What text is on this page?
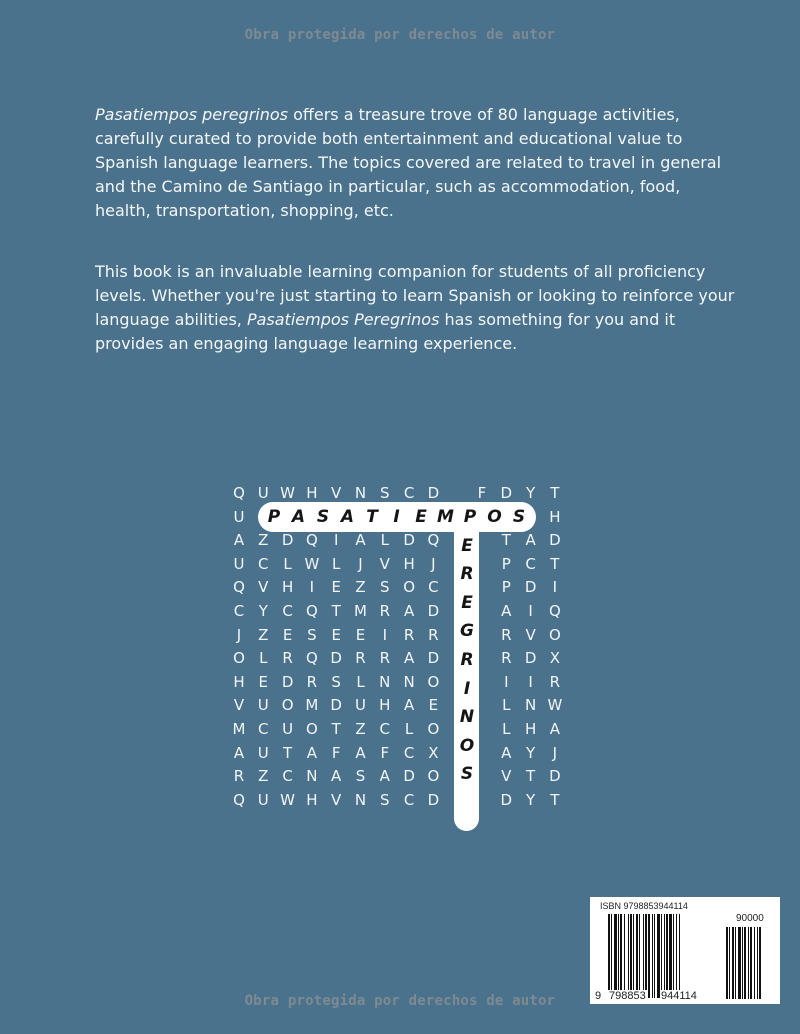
Obra protegida por derechos de autor
Pasatiempos peregrinos offers a treasure trove of 80 language activities, carefully curated to provide both entertainment and educational value to Spanish language learners. The topics covered are related to travel in general and the Camino de Santiago in particular, such as accommodation, food, health, transportation, shopping, etc.
This book is an invaluable learning companion for students of all proficiency levels. Whether you're just starting to learn Spanish or looking to reinforce your language abilities, Pasatiempos Peregrinos has something for you and it provides an engaging language learning experience.
ISBN 9798853944114
90000
9 798853 944114
Obra protegida por derechos de autor
Q U W H V N S C D	F D Y	T
U	H
A Z D Q	I	A L D Q	T A D
U C L W L	J	V H	J	P C T
Q V H	I	E Z S O C	P D	I
C Y C Q T M R A D	A	I	Q
J	Z E S E E	I	R R	R V O
O L R Q D R R A D	R D X
H E D R S	L N N O	I	I	R
V U O M D U H A E	L N W
M C U O T Z C L O	L H A
A U T A F A F C X	A Y	J
R Z C N A S A D O	V T D
Q U W H V N S C D	D Y	T
P A S A T I E M P O S
E
R
E
G
R
I
N
O
S
